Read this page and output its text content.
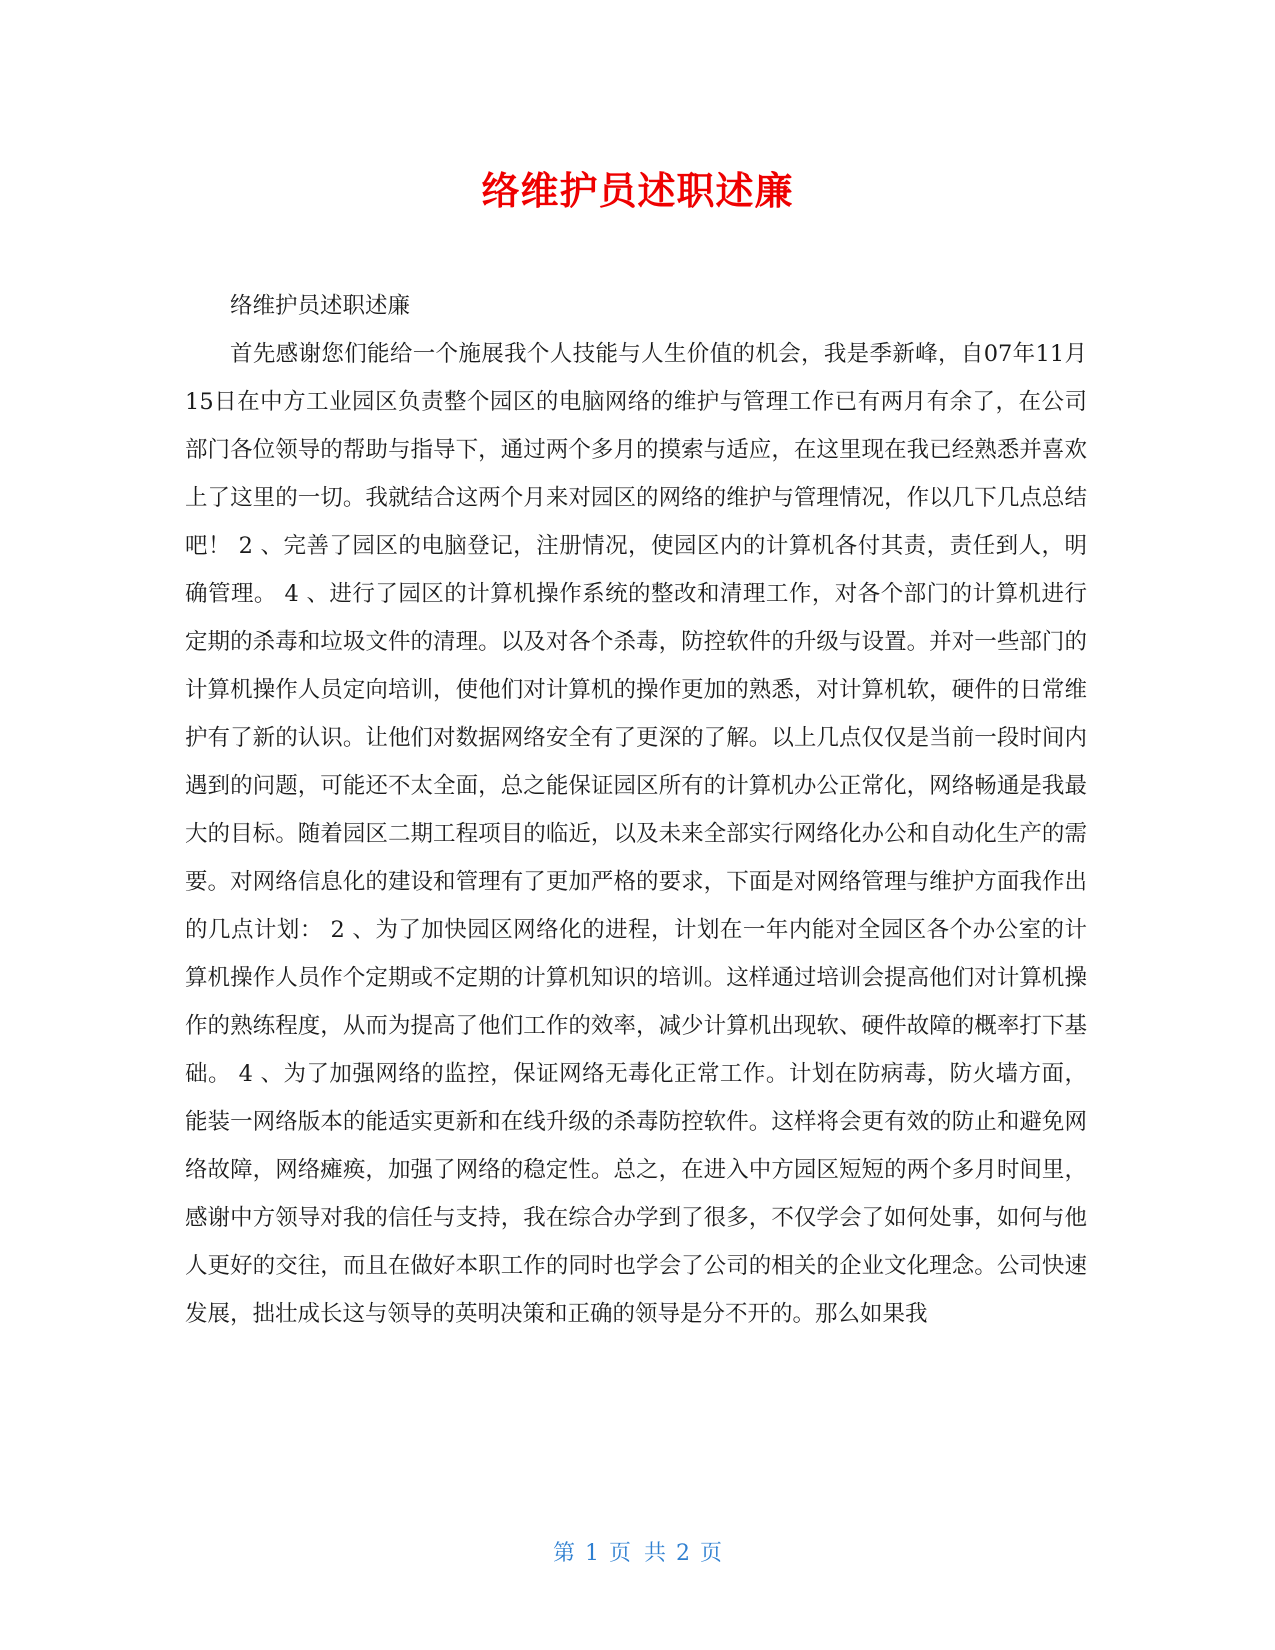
络维护员述职述廉

络维护员述职述廉

首先感谢您们能给一个施展我个人技能与人生价值的机会，我是季新峰，自07年11月15日在中方工业园区负责整个园区的电脑网络的维护与管理工作已有两月有余了，在公司部门各位领导的帮助与指导下，通过两个多月的摸索与适应，在这里现在我已经熟悉并喜欢上了这里的一切。我就结合这两个月来对园区的网络的维护与管理情况，作以几下几点总结吧！ 2 、完善了园区的电脑登记，注册情况，使园区内的计算机各付其责，责任到人，明确管理。 4 、进行了园区的计算机操作系统的整改和清理工作，对各个部门的计算机进行定期的杀毒和垃圾文件的清理。以及对各个杀毒，防控软件的升级与设置。并对一些部门的计算机操作人员定向培训，使他们对计算机的操作更加的熟悉，对计算机软，硬件的日常维护有了新的认识。让他们对数据网络安全有了更深的了解。以上几点仅仅是当前一段时间内遇到的问题，可能还不太全面，总之能保证园区所有的计算机办公正常化，网络畅通是我最大的目标。随着园区二期工程项目的临近，以及未来全部实行网络化办公和自动化生产的需要。对网络信息化的建设和管理有了更加严格的要求，下面是对网络管理与维护方面我作出的几点计划： 2 、为了加快园区网络化的进程，计划在一年内能对全园区各个办公室的计算机操作人员作个定期或不定期的计算机知识的培训。这样通过培训会提高他们对计算机操作的熟练程度，从而为提高了他们工作的效率，减少计算机出现软、硬件故障的概率打下基础。 4 、为了加强网络的监控，保证网络无毒化正常工作。计划在防病毒，防火墙方面，能装一网络版本的能适实更新和在线升级的杀毒防控软件。这样将会更有效的防止和避免网络故障，网络瘫痪，加强了网络的稳定性。总之，在进入中方园区短短的两个多月时间里，感谢中方领导对我的信任与支持，我在综合办学到了很多，不仅学会了如何处事，如何与他人更好的交往，而且在做好本职工作的同时也学会了公司的相关的企业文化理念。公司快速发展，拙壮成长这与领导的英明决策和正确的领导是分不开的。那么如果我

第 1 页 共 2 页
